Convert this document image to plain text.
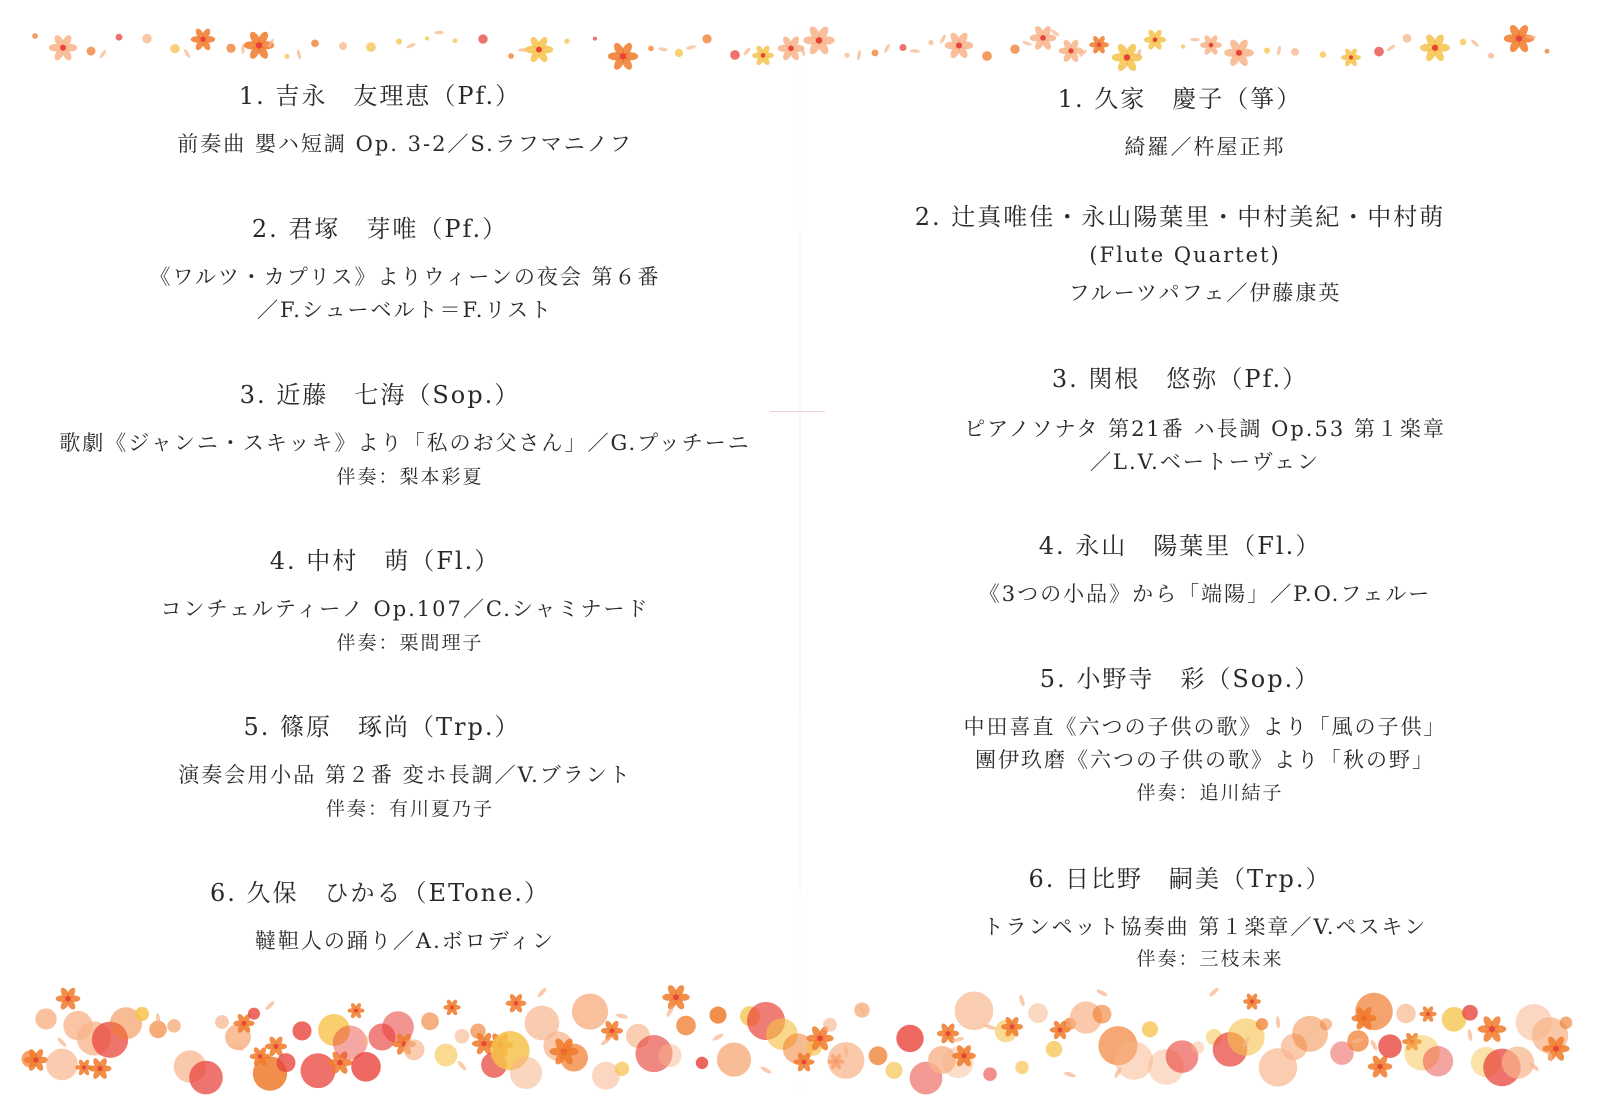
1. 吉永　友理恵（Pf.）
前奏曲 嬰ハ短調 Op. 3-2／S.ラフマニノフ
2. 君塚　芽唯（Pf.）
《ワルツ・カプリス》よりウィーンの夜会 第６番
／F.シューベルト＝F.リスト
3. 近藤　七海（Sop.）
歌劇《ジャンニ・スキッキ》より「私のお父さん」／G.プッチーニ
伴奏：梨本彩夏
4. 中村　萌（Fl.）
コンチェルティーノ Op.107／C.シャミナード
伴奏：栗間理子
5. 篠原　琢尚（Trp.）
演奏会用小品 第２番 変ホ長調／V.ブラント
伴奏：有川夏乃子
6. 久保　ひかる（ETone.）
韃靼人の踊り／A.ボロディン
1. 久家　慶子（箏）
綺羅／杵屋正邦
2. 辻真唯佳・永山陽葉里・中村美紀・中村萌
(Flute Quartet)
フルーツパフェ／伊藤康英
3. 関根　悠弥（Pf.）
ピアノソナタ 第21番 ハ長調 Op.53 第１楽章
／L.V.ベートーヴェン
4. 永山　陽葉里（Fl.）
《3つの小品》から「端陽」／P.O.フェルー
5. 小野寺　彩（Sop.）
中田喜直《六つの子供の歌》より「風の子供」
團伊玖磨《六つの子供の歌》より「秋の野」
伴奏：追川結子
6. 日比野　嗣美（Trp.）
トランペット協奏曲 第１楽章／V.ペスキン
伴奏：三枝未来
